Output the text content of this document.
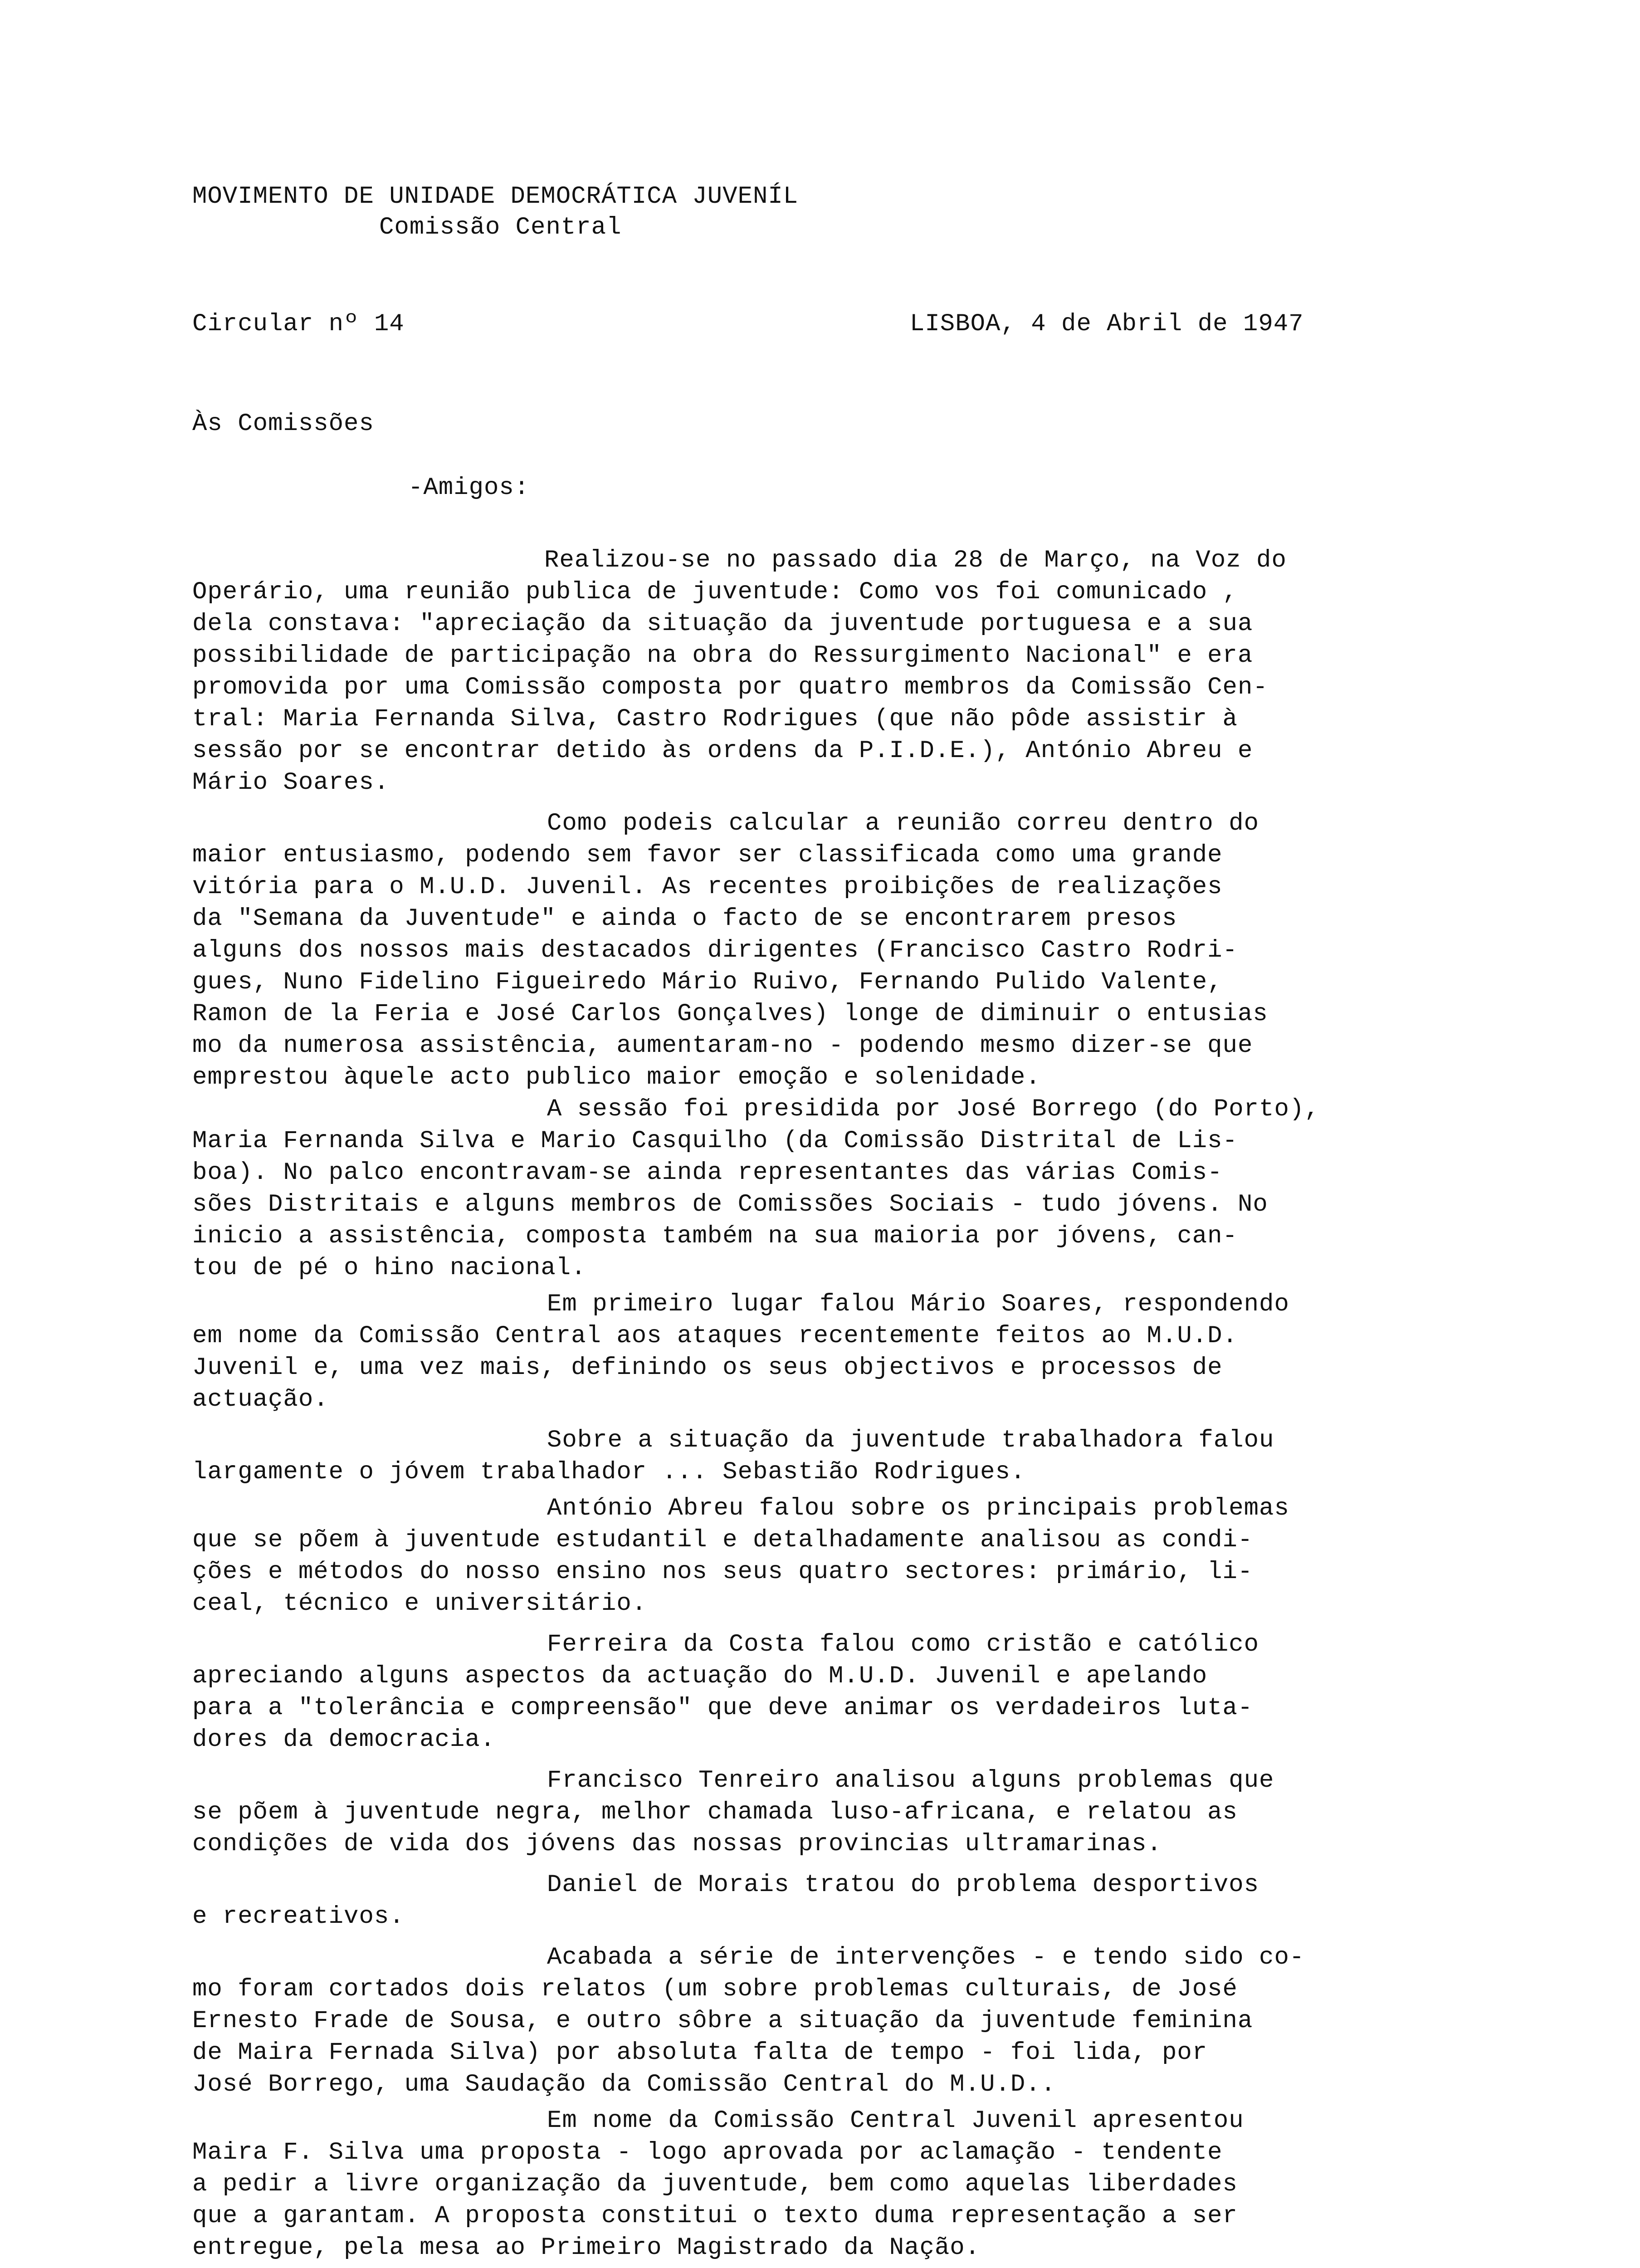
MOVIMENTO DE UNIDADE DEMOCRÁTICA JUVENÍL
Comissão Central
Circular nº 14	LISBOA, 4 de Abril de 1947
Às Comissões
-Amigos:
Realizou-se no passado dia 28 de Março, na Voz do
Operário, uma reunião publica de juventude: Como vos foi comunicado ,
dela constava: "apreciação da situação da juventude portuguesa e a sua
possibilidade de participação na obra do Ressurgimento Nacional" e era
promovida por uma Comissão composta por quatro membros da Comissão Cen-
tral: Maria Fernanda Silva, Castro Rodrigues (que não pôde assistir à
sessão por se encontrar detido às ordens da P.I.D.E.), António Abreu e
Mário Soares.
Como podeis calcular a reunião correu dentro do
maior entusiasmo, podendo sem favor ser classificada como uma grande
vitória para o M.U.D. Juvenil. As recentes proibições de realizações
da "Semana da Juventude" e ainda o facto de se encontrarem presos
alguns dos nossos mais destacados dirigentes (Francisco Castro Rodri-
gues, Nuno Fidelino Figueiredo Mário Ruivo, Fernando Pulido Valente,
Ramon de la Feria e José Carlos Gonçalves) longe de diminuir o entusias
mo da numerosa assistência, aumentaram-no - podendo mesmo dizer-se que
emprestou àquele acto publico maior emoção e solenidade.
A sessão foi presidida por José Borrego (do Porto),
Maria Fernanda Silva e Mario Casquilho (da Comissão Distrital de Lis-
boa). No palco encontravam-se ainda representantes das várias Comis-
sões Distritais e alguns membros de Comissões Sociais - tudo jóvens. No
inicio a assistência, composta também na sua maioria por jóvens, can-
tou de pé o hino nacional.
Em primeiro lugar falou Mário Soares, respondendo
em nome da Comissão Central aos ataques recentemente feitos ao M.U.D.
Juvenil e, uma vez mais, definindo os seus objectivos e processos de
actuação.
Sobre a situação da juventude trabalhadora falou
largamente o jóvem trabalhador ... Sebastião Rodrigues.
António Abreu falou sobre os principais problemas
que se põem à juventude estudantil e detalhadamente analisou as condi-
ções e métodos do nosso ensino nos seus quatro sectores: primário, li-
ceal, técnico e universitário.
Ferreira da Costa falou como cristão e católico
apreciando alguns aspectos da actuação do M.U.D. Juvenil e apelando
para a "tolerância e compreensão" que deve animar os verdadeiros luta-
dores da democracia.
Francisco Tenreiro analisou alguns problemas que
se põem à juventude negra, melhor chamada luso-africana, e relatou as
condições de vida dos jóvens das nossas provincias ultramarinas.
Daniel de Morais tratou do problema desportivos
e recreativos.
Acabada a série de intervenções - e tendo sido co-
mo foram cortados dois relatos (um sobre problemas culturais, de José
Ernesto Frade de Sousa, e outro sôbre a situação da juventude feminina
de Maira Fernada Silva) por absoluta falta de tempo - foi lida, por
José Borrego, uma Saudação da Comissão Central do M.U.D..
Em nome da Comissão Central Juvenil apresentou
Maira F. Silva uma proposta - logo aprovada por aclamação - tendente
a pedir a livre organização da juventude, bem como aquelas liberdades
que a garantam. A proposta constitui o texto duma representação a ser
entregue, pela mesa ao Primeiro Magistrado da Nação.
